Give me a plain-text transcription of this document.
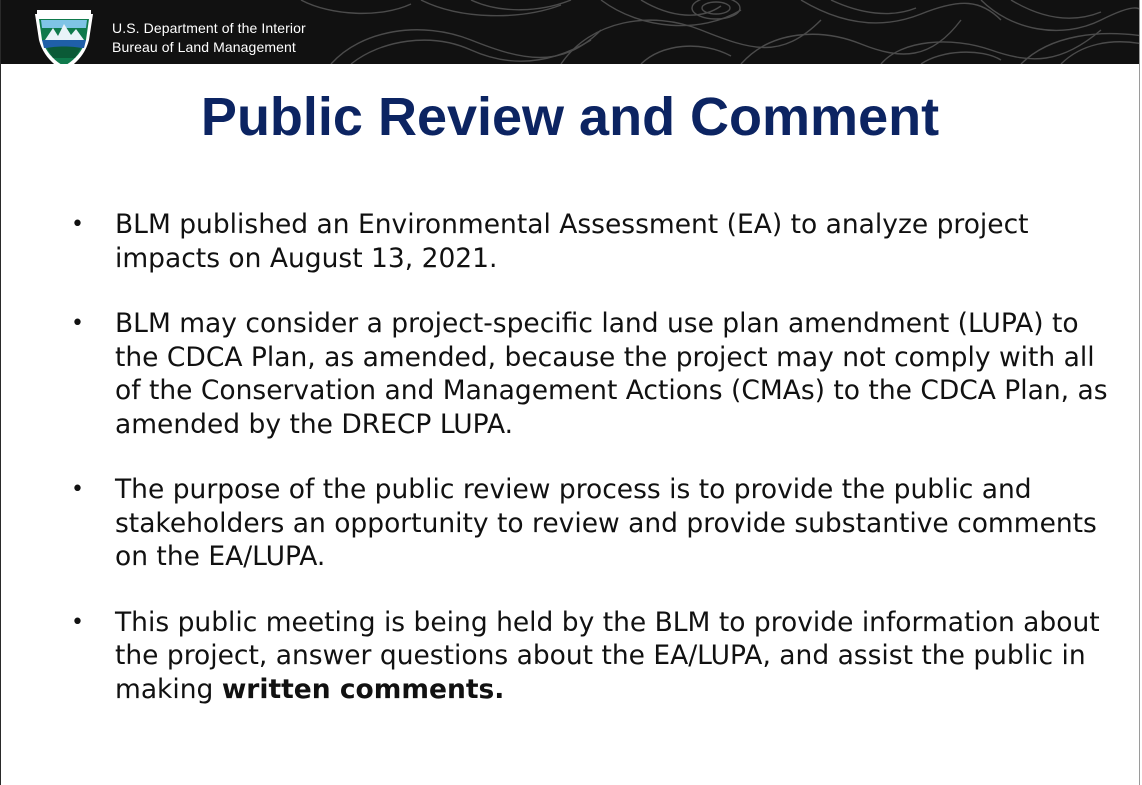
U.S. Department of the Interior
Bureau of Land Management
Public Review and Comment
• BLM published an Environmental Assessment (EA) to analyze project impacts on August 13, 2021.
• BLM may consider a project-specific land use plan amendment (LUPA) to the CDCA Plan, as amended, because the project may not comply with all of the Conservation and Management Actions (CMAs) to the CDCA Plan, as amended by the DRECP LUPA.
• The purpose of the public review process is to provide the public and stakeholders an opportunity to review and provide substantive comments on the EA/LUPA.
• This public meeting is being held by the BLM to provide information about the project, answer questions about the EA/LUPA, and assist the public in making written comments.
